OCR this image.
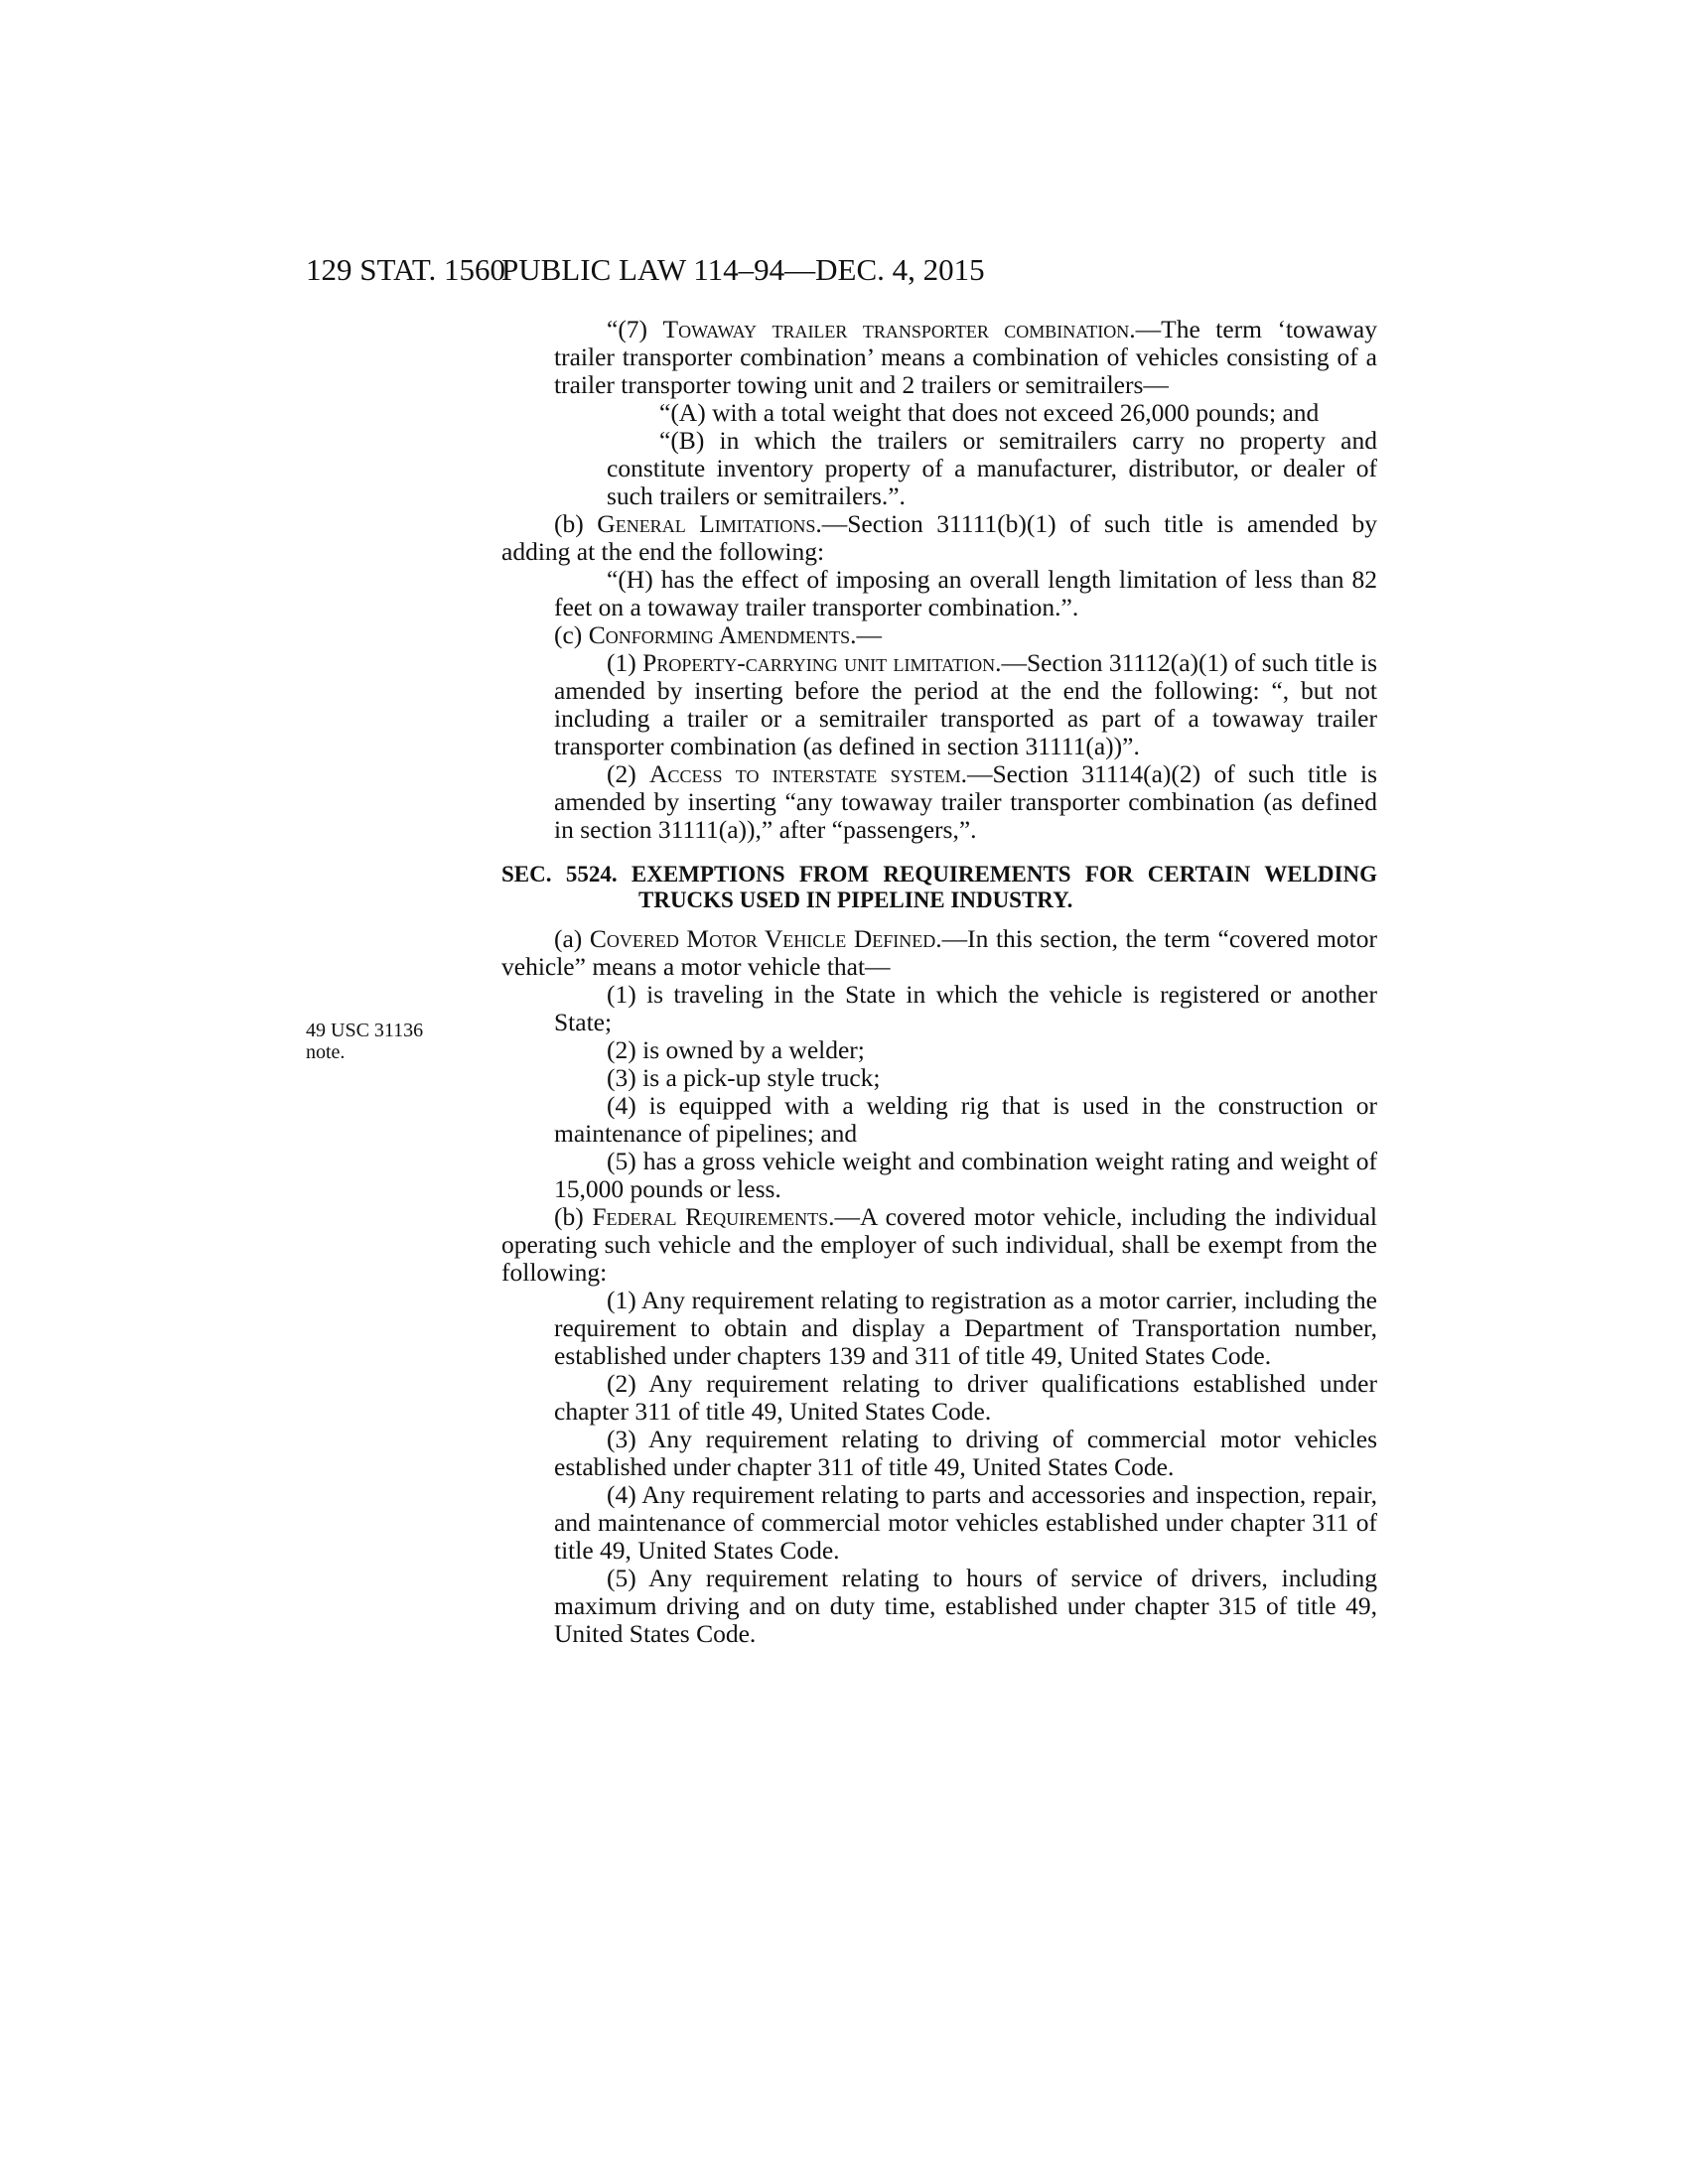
129 STAT. 1560
PUBLIC LAW 114–94—DEC. 4, 2015
49 USC 31136
note.

“(7) Towaway trailer transporter combination.—The term ‘towaway trailer transporter combination’ means a combination of vehicles consisting of a trailer transporter towing unit and 2 trailers or semitrailers—

“(A) with a total weight that does not exceed 26,000 pounds; and

“(B) in which the trailers or semitrailers carry no property and constitute inventory property of a manufacturer, distributor, or dealer of such trailers or semitrailers.”.

(b) General Limitations.—Section 31111(b)(1) of such title is amended by adding at the end the following:

“(H) has the effect of imposing an overall length limitation of less than 82 feet on a towaway trailer transporter combination.”.

(c) Conforming Amendments.—

(1) Property-carrying unit limitation.—Section 31112(a)(1) of such title is amended by inserting before the period at the end the following: “, but not including a trailer or a semitrailer transported as part of a towaway trailer transporter combination (as defined in section 31111(a))”.

(2) Access to interstate system.—Section 31114(a)(2) of such title is amended by inserting “any towaway trailer transporter combination (as defined in section 31111(a)),” after “passengers,”.

SEC. 5524. EXEMPTIONS FROM REQUIREMENTS FOR CERTAIN WELDING TRUCKS USED IN PIPELINE INDUSTRY.

(a) Covered Motor Vehicle Defined.—In this section, the term “covered motor vehicle” means a motor vehicle that—

(1) is traveling in the State in which the vehicle is registered or another State;

(2) is owned by a welder;

(3) is a pick-up style truck;

(4) is equipped with a welding rig that is used in the construction or maintenance of pipelines; and

(5) has a gross vehicle weight and combination weight rating and weight of 15,000 pounds or less.

(b) Federal Requirements.—A covered motor vehicle, including the individual operating such vehicle and the employer of such individual, shall be exempt from the following:

(1) Any requirement relating to registration as a motor carrier, including the requirement to obtain and display a Department of Transportation number, established under chapters 139 and 311 of title 49, United States Code.

(2) Any requirement relating to driver qualifications established under chapter 311 of title 49, United States Code.

(3) Any requirement relating to driving of commercial motor vehicles established under chapter 311 of title 49, United States Code.

(4) Any requirement relating to parts and accessories and inspection, repair, and maintenance of commercial motor vehicles established under chapter 311 of title 49, United States Code.

(5) Any requirement relating to hours of service of drivers, including maximum driving and on duty time, established under chapter 315 of title 49, United States Code.
